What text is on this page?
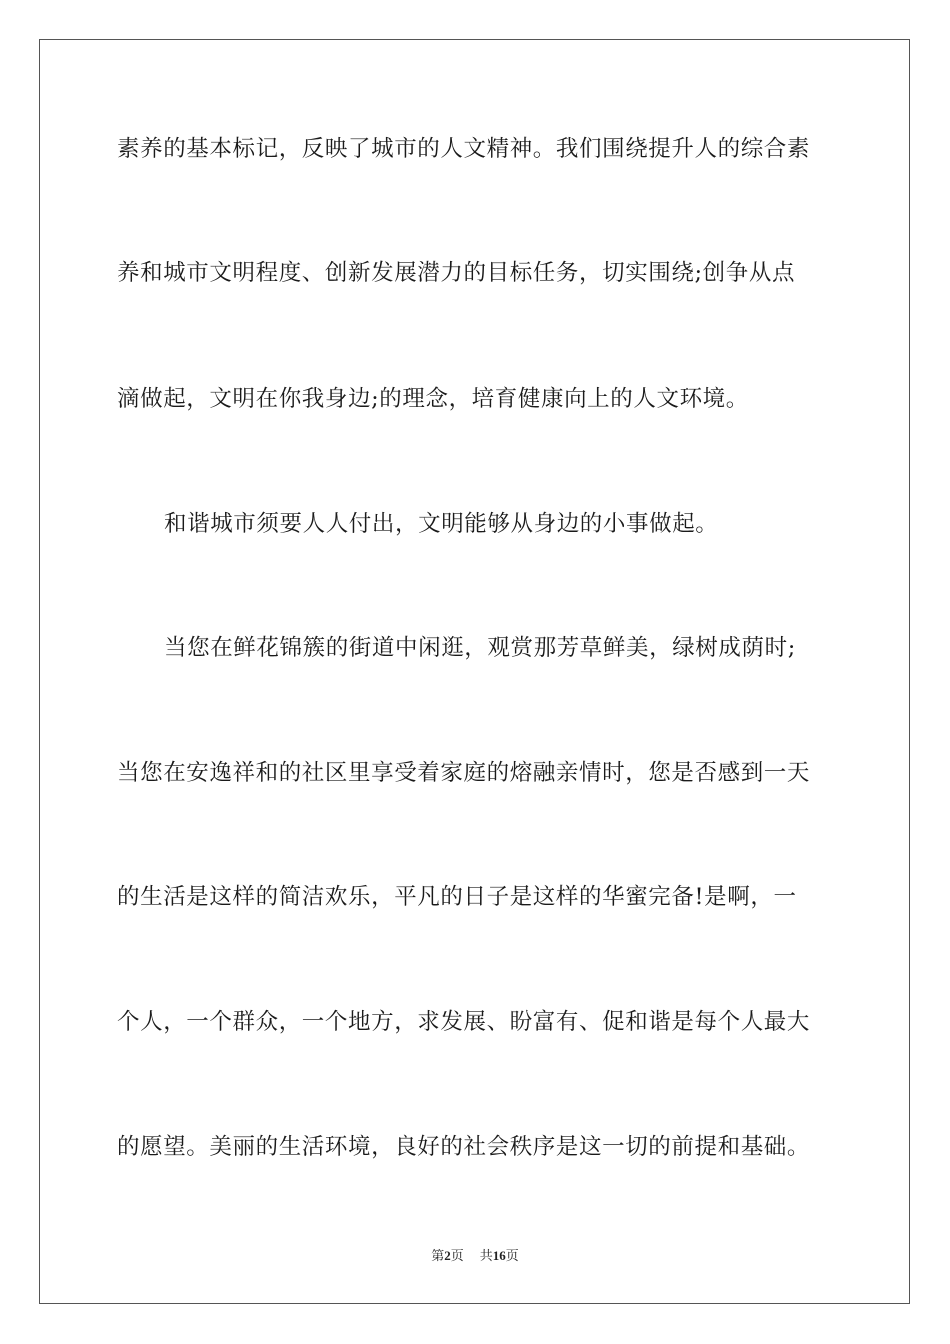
素养的基本标记，反映了城市的人文精神。我们围绕提升人的综合素
养和城市文明程度、创新发展潜力的目标任务，切实围绕;创争从点
滴做起，文明在你我身边;的理念，培育健康向上的人文环境。
和谐城市须要人人付出，文明能够从身边的小事做起。
当您在鲜花锦簇的街道中闲逛，观赏那芳草鲜美，绿树成荫时;
当您在安逸祥和的社区里享受着家庭的熔融亲情时，您是否感到一天
的生活是这样的简洁欢乐，平凡的日子是这样的华蜜完备!是啊，一
个人，一个群众，一个地方，求发展、盼富有、促和谐是每个人最大
的愿望。美丽的生活环境，良好的社会秩序是这一切的前提和基础。
第2页 共16页
